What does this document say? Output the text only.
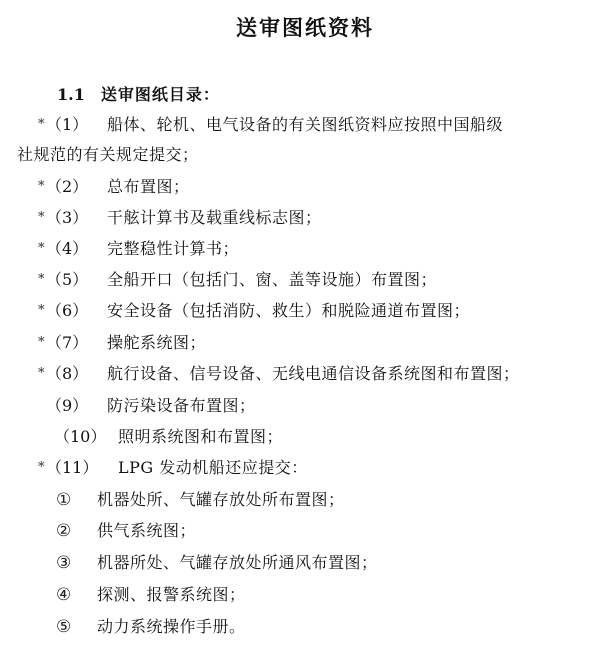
送审图纸资料
1.1 送审图纸目录：
* （1） 船体、轮机、电气设备的有关图纸资料应按照中国船级
社规范的有关规定提交；
* （2） 总布置图；
* （3） 干舷计算书及载重线标志图；
* （4） 完整稳性计算书；
* （5） 全船开口（包括门、窗、盖等设施）布置图；
* （6） 安全设备（包括消防、救生）和脱险通道布置图；
* （7） 操舵系统图；
* （8） 航行设备、信号设备、无线电通信设备系统图和布置图；
（9） 防污染设备布置图；
（10） 照明系统图和布置图；
* （11） LPG 发动机船还应提交：
① 机器处所、气罐存放处所布置图；
② 供气系统图；
③ 机器所处、气罐存放处所通风布置图；
④ 探测、报警系统图；
⑤ 动力系统操作手册。
